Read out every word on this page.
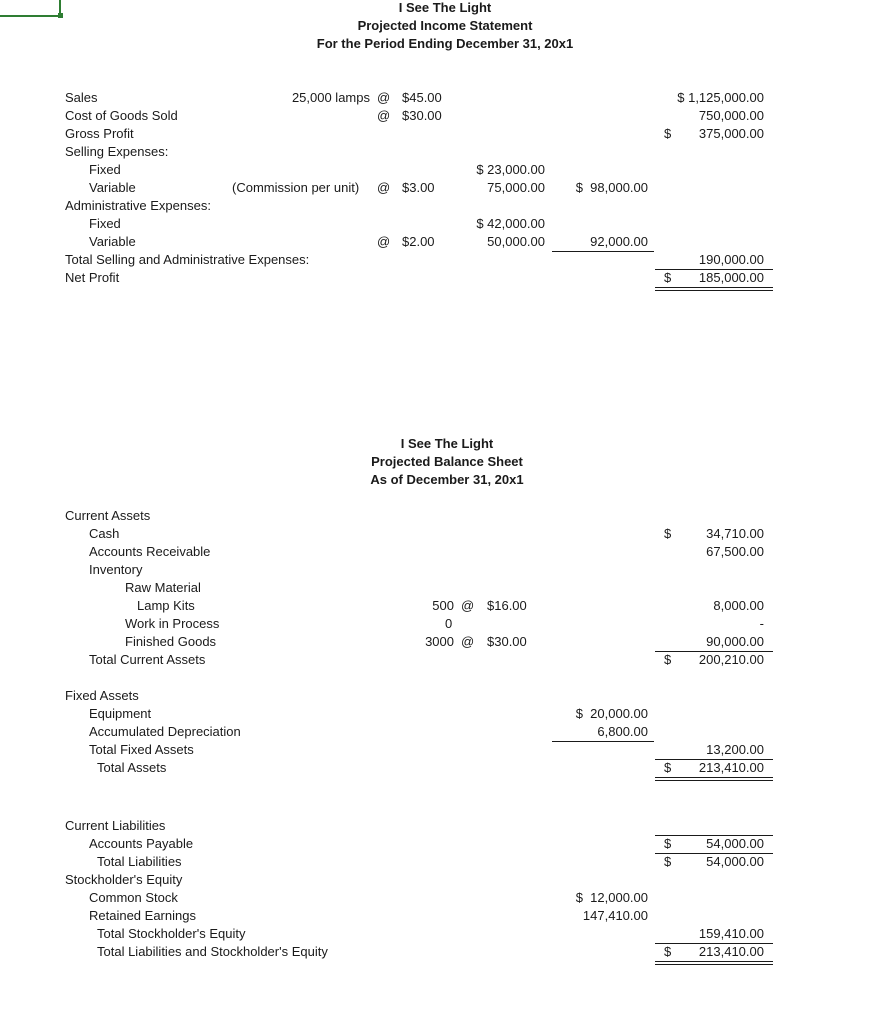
I See The Light
Projected Income Statement
For the Period Ending December 31, 20x1
Sales	25,000 lamps @ $45.00	$ 1,125,000.00
Cost of Goods Sold	@ $30.00	750,000.00
Gross Profit	$	375,000.00
Selling Expenses:
Fixed	$ 23,000.00
Variable	(Commission per unit) @ $3.00	75,000.00	$  98,000.00
Administrative Expenses:
Fixed	$ 42,000.00
Variable	@ $2.00	50,000.00	92,000.00
Total Selling and Administrative Expenses:	190,000.00
Net Profit	$	185,000.00
I See The Light
Projected Balance Sheet
As of December 31, 20x1
Current Assets
Cash	$	34,710.00
Accounts Receivable	67,500.00
Inventory
Raw Material
Lamp Kits	500 @ $16.00	8,000.00
Work in Process	0	-
Finished Goods	3000 @ $30.00	90,000.00
Total Current Assets	$	200,210.00
Fixed Assets
Equipment	$  20,000.00
Accumulated Depreciation	6,800.00
Total Fixed Assets	13,200.00
Total Assets	$	213,410.00
Current Liabilities
Accounts Payable	$	54,000.00
Total Liabilities	$	54,000.00
Stockholder's Equity
Common Stock	$  12,000.00
Retained Earnings	147,410.00
Total Stockholder's Equity	159,410.00
Total Liabilities and Stockholder's Equity	$	213,410.00
